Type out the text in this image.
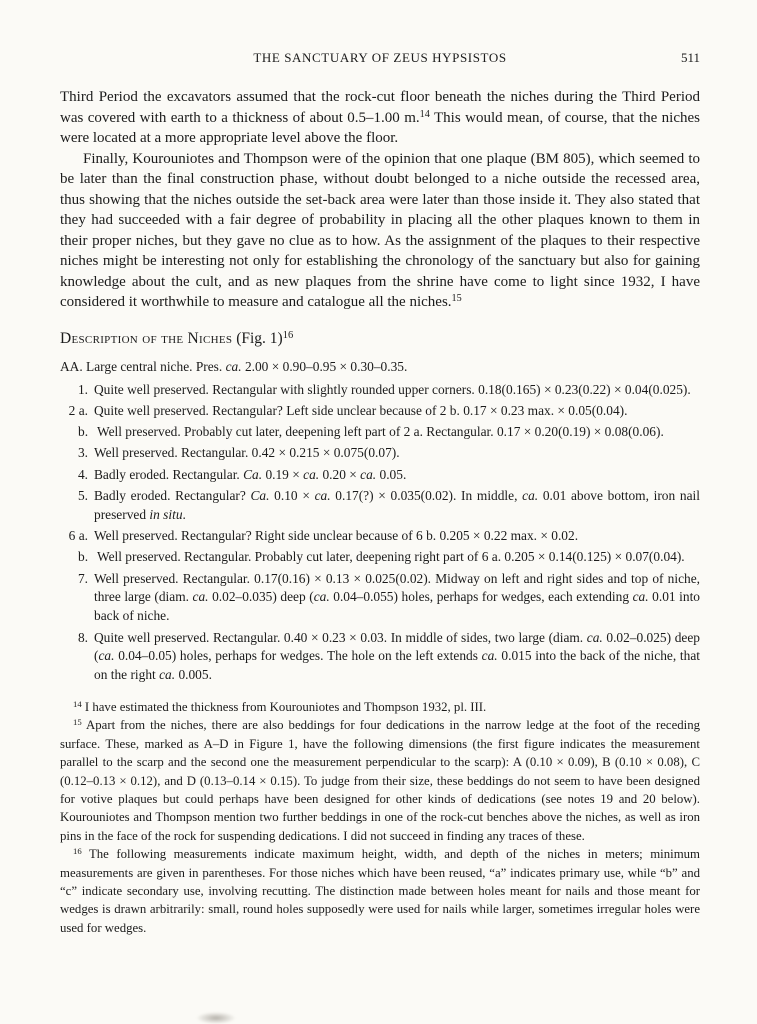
THE SANCTUARY OF ZEUS HYPSISTOS	511

Third Period the excavators assumed that the rock-cut floor beneath the niches during the Third Period was covered with earth to a thickness of about 0.5–1.00 m.$^{14}$ This would mean, of course, that the niches were located at a more appropriate level above the floor.

Finally, Kourouniotes and Thompson were of the opinion that one plaque (BM 805), which seemed to be later than the final construction phase, without doubt belonged to a niche outside the recessed area, thus showing that the niches outside the set-back area were later than those inside it. They also stated that they had succeeded with a fair degree of probability in placing all the other plaques known to them in their proper niches, but they gave no clue as to how. As the assignment of the plaques to their respective niches might be interesting not only for establishing the chronology of the sanctuary but also for gaining knowledge about the cult, and as new plaques from the shrine have come to light since 1932, I have considered it worthwhile to measure and catalogue all the niches.$^{15}$

Description of the Niches (Fig. 1)$^{16}$

AA. Large central niche. Pres. ca. 2.00 × 0.90–0.95 × 0.30–0.35.

1. Quite well preserved. Rectangular with slightly rounded upper corners. 0.18(0.165) × 0.23(0.22) × 0.04(0.025).
2 a. Quite well preserved. Rectangular? Left side unclear because of 2 b. 0.17 × 0.23 max. × 0.05(0.04).
b. Well preserved. Probably cut later, deepening left part of 2 a. Rectangular. 0.17 × 0.20(0.19) × 0.08(0.06).
3. Well preserved. Rectangular. 0.42 × 0.215 × 0.075(0.07).
4. Badly eroded. Rectangular. Ca. 0.19 × ca. 0.20 × ca. 0.05.
5. Badly eroded. Rectangular? Ca. 0.10 × ca. 0.17(?) × 0.035(0.02). In middle, ca. 0.01 above bottom, iron nail preserved in situ.
6 a. Well preserved. Rectangular? Right side unclear because of 6 b. 0.205 × 0.22 max. × 0.02.
b. Well preserved. Rectangular. Probably cut later, deepening right part of 6 a. 0.205 × 0.14(0.125) × 0.07(0.04).
7. Well preserved. Rectangular. 0.17(0.16) × 0.13 × 0.025(0.02). Midway on left and right sides and top of niche, three large (diam. ca. 0.02–0.035) deep (ca. 0.04–0.055) holes, perhaps for wedges, each extending ca. 0.01 into back of niche.
8. Quite well preserved. Rectangular. 0.40 × 0.23 × 0.03. In middle of sides, two large (diam. ca. 0.02–0.025) deep (ca. 0.04–0.05) holes, perhaps for wedges. The hole on the left extends ca. 0.015 into the back of the niche, that on the right ca. 0.005.

$^{14}$ I have estimated the thickness from Kourouniotes and Thompson 1932, pl. III.

$^{15}$ Apart from the niches, there are also beddings for four dedications in the narrow ledge at the foot of the receding surface. These, marked as A–D in Figure 1, have the following dimensions (the first figure indicates the measurement parallel to the scarp and the second one the measurement perpendicular to the scarp): A (0.10 × 0.09), B (0.10 × 0.08), C (0.12–0.13 × 0.12), and D (0.13–0.14 × 0.15). To judge from their size, these beddings do not seem to have been designed for votive plaques but could perhaps have been designed for other kinds of dedications (see notes 19 and 20 below). Kourouniotes and Thompson mention two further beddings in one of the rock-cut benches above the niches, as well as iron pins in the face of the rock for suspending dedications. I did not succeed in finding any traces of these.

$^{16}$ The following measurements indicate maximum height, width, and depth of the niches in meters; minimum measurements are given in parentheses. For those niches which have been reused, “a” indicates primary use, while “b” and “c” indicate secondary use, involving recutting. The distinction made between holes meant for nails and those meant for wedges is drawn arbitrarily: small, round holes supposedly were used for nails while larger, sometimes irregular holes were used for wedges.
